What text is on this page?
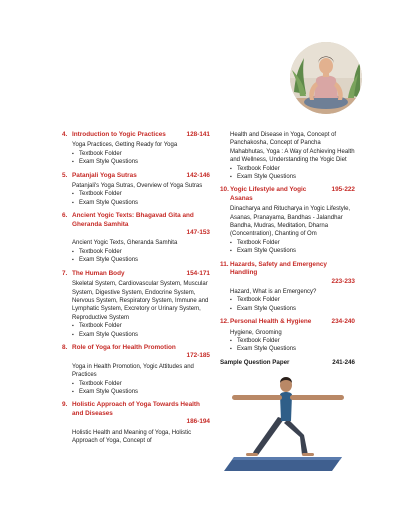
4. Introduction to Yogic Practices	128-141
Yoga Practices, Getting Ready for Yoga
▪ Textbook Folder
▪ Exam Style Questions
5. Patanjali Yoga Sutras	142-146
Patanjali's Yoga Sutras, Overview of Yoga Sutras
▪ Textbook Folder
▪ Exam Style Questions
6. Ancient Yogic Texts: Bhagavad Gita and Gheranda Samhita
147-153
Ancient Yogic Texts, Gheranda Samhita
▪ Textbook Folder
▪ Exam Style Questions
7. The Human Body	154-171
Skeletal System, Cardiovascular System, Muscular System, Digestive System, Endocrine System, Nervous System, Respiratory System, Immune and Lymphatic System, Excretory or Urinary System, Reproductive System
▪ Textbook Folder
▪ Exam Style Questions
8. Role of Yoga for Health Promotion
172-185
Yoga in Health Promotion, Yogic Attitudes and Practices
▪ Textbook Folder
▪ Exam Style Questions
9. Holistic Approach of Yoga Towards Health and Diseases
186-194
Holistic Health and Meaning of Yoga, Holistic Approach of Yoga, Concept of
Health and Disease in Yoga, Concept of Panchakosha, Concept of Pancha Mahabhutas, Yoga : A Way of Achieving Health and Wellness, Understanding the Yogic Diet
▪ Textbook Folder
▪ Exam Style Questions
10. Yogic Lifestyle and Yogic Asanas
195-222
Dinacharya and Ritucharya in Yogic Lifestyle, Asanas, Pranayama, Bandhas - Jalandhar Bandha, Mudras, Meditation, Dharna (Concentration), Chanting of Om
▪ Textbook Folder
▪ Exam Style Questions
11. Hazards, Safety and Emergency Handling
223-233
Hazard, What is an Emergency?
▪ Textbook Folder
▪ Exam Style Questions
12. Personal Health & Hygiene	234-240
Hygiene, Grooming
▪ Textbook Folder
▪ Exam Style Questions
Sample Question Paper	241-246
